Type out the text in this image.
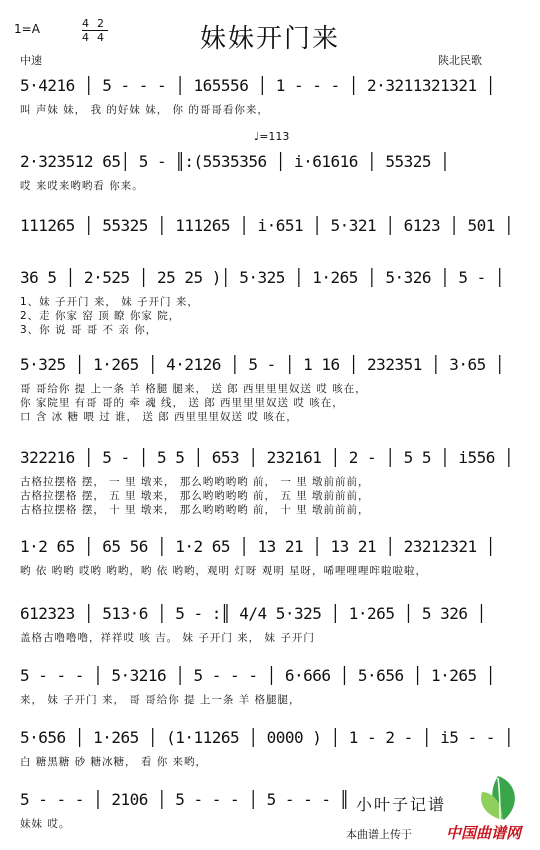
1=A	4 2
4 4	妹妹开门来
中速	陕北民歌
♩=113
5·4216 │ 5 - - - │ 165556 │ 1 - - - │ 2·3211321321 │
叫 声妹 妹， 我 的好妹 妹， 你 的哥哥看你来，
2·323512 65│ 5 - ║:(5535356 │ i·61616 │ 55325 │
哎 来哎来哟哟看 你来。
111265 │ 55325 │ 111265 │ i·651 │ 5·321 │ 6123 │ 501 │
36 5 │ 2·525 │ 25 25 )│ 5·325 │ 1·265 │ 5·326 │ 5 - │
1、妹 子开门 来， 妹 子开门 来，
2、走 你家 窑 顶 瞭 你家 院，
3、你 说 哥 哥 不 亲 你，
5·325 │ 1·265 │ 4·2126 │ 5 - │ 1 16 │ 232351 │ 3·65 │
哥 哥给你 提 上一条 羊 格腿 腿来， 送 郎 西里里里奴送 哎 咳在，
你 家院里 有哥 哥的 牵 魂 线， 送 郎 西里里里奴送 哎 咳在，
口 含 冰 糖 喂 过 谁， 送 郎 西里里里奴送 哎 咳在，
322216 │ 5 - │ 5 5 │ 653 │ 232161 │ 2 - │ 5 5 │ i556 │
古格拉摆格 摆， 一 里 墩来， 那么哟哟哟哟 前， 一 里 墩前前前，
古格拉摆格 摆， 五 里 墩来， 那么哟哟哟哟 前， 五 里 墩前前前，
古格拉摆格 摆， 十 里 墩来， 那么哟哟哟哟 前， 十 里 墩前前前，
1·2 65 │ 65 56 │ 1·2 65 │ 13 21 │ 13 21 │ 23212321 │
哟 依 哟哟 哎哟 哟哟，哟 依 哟哟，观明 灯呀 观明 星呀，唏哩哩哩哰啦啦啦，
612323 │ 513·6 │ 5 - :║ 4/4 5·325 │ 1·265 │ 5 326 │
盖格古噜噜噜，祥祥哎 咳 吉。 妹 子开门 来， 妹 子开门
5 - - - │ 5·3216 │ 5 - - - │ 6·666 │ 5·656 │ 1·265 │
来， 妹 子开门 来， 哥 哥给你 提 上一条 羊 格腿腿，
5·656 │ 1·265 │ (1·11265 │ 0000 ) │ 1 - 2 - │ i5 - - │
白 糖黑糖 砂 糖冰糖， 看 你 来哟，
5 - - - │ 2106 │ 5 - - - │ 5 - - - ║
妹妹 哎。
小叶子记谱
本曲谱上传于 中国曲谱网
